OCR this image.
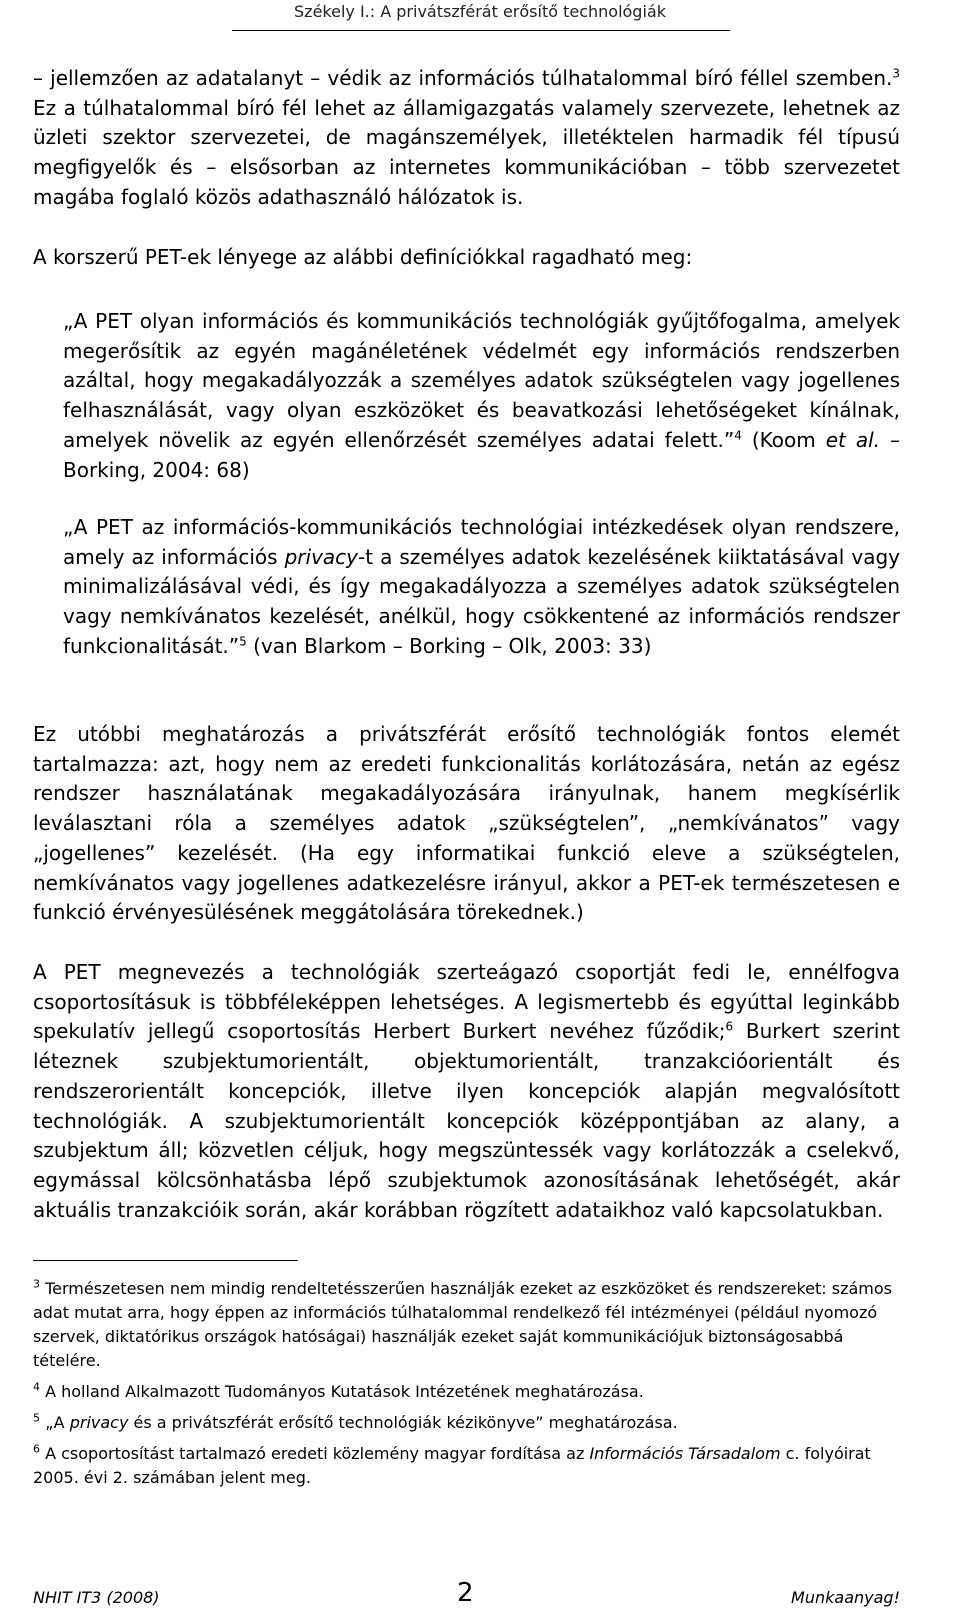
Székely I.: A privátszférát erősítő technológiák

– jellemzően az adatalanyt – védik az információs túlhatalommal bíró féllel szemben.$^3$ Ez a túlhatalommal bíró fél lehet az államigazgatás valamely szervezete, lehetnek az üzleti szektor szervezetei, de magánszemélyek, illetéktelen harmadik fél típusú megfigyelők és – elsősorban az internetes kommunikációban – több szervezetet magába foglaló közös adathasználó hálózatok is.

A korszerű PET-ek lényege az alábbi definíciókkal ragadható meg:

„A PET olyan információs és kommunikációs technológiák gyűjtőfogalma, amelyek megerősítik az egyén magánéletének védelmét egy információs rendszerben azáltal, hogy megakadályozzák a személyes adatok szükségtelen vagy jogellenes felhasználását, vagy olyan eszközöket és beavatkozási lehetőségeket kínálnak, amelyek növelik az egyén ellenőrzését személyes adatai felett.”$^4$ (Koom et al. – Borking, 2004: 68)

„A PET az információs-kommunikációs technológiai intézkedések olyan rendszere, amely az információs privacy-t a személyes adatok kezelésének kiiktatásával vagy minimalizálásával védi, és így megakadályozza a személyes adatok szükségtelen vagy nemkívánatos kezelését, anélkül, hogy csökkentené az információs rendszer funkcionalitását.”$^5$ (van Blarkom – Borking – Olk, 2003: 33)

Ez utóbbi meghatározás a privátszférát erősítő technológiák fontos elemét tartalmazza: azt, hogy nem az eredeti funkcionalitás korlátozására, netán az egész rendszer használatának megakadályozására irányulnak, hanem megkísérlik leválasztani róla a személyes adatok „szükségtelen”, „nemkívánatos” vagy „jogellenes” kezelését. (Ha egy informatikai funkció eleve a szükségtelen, nemkívánatos vagy jogellenes adatkezelésre irányul, akkor a PET-ek természetesen e funkció érvényesülésének meggátolására törekednek.)

A PET megnevezés a technológiák szerteágazó csoportját fedi le, ennélfogva csoportosításuk is többféleképpen lehetséges. A legismertebb és egyúttal leginkább spekulatív jellegű csoportosítás Herbert Burkert nevéhez fűződik;$^6$ Burkert szerint léteznek szubjektumorientált, objektumorientált, tranzakcióorientált és rendszerorientált koncepciók, illetve ilyen koncepciók alapján megvalósított technológiák. A szubjektumorientált koncepciók középpontjában az alany, a szubjektum áll; közvetlen céljuk, hogy megszüntessék vagy korlátozzák a cselekvő, egymással kölcsönhatásba lépő szubjektumok azonosításának lehetőségét, akár aktuális tranzakcióik során, akár korábban rögzített adataikhoz való kapcsolatukban.

$^3$ Természetesen nem mindig rendeltetésszerűen használják ezeket az eszközöket és rendszereket: számos adat mutat arra, hogy éppen az információs túlhatalommal rendelkező fél intézményei (például nyomozó szervek, diktatórikus országok hatóságai) használják ezeket saját kommunikációjuk biztonságosabbá tételére.
$^4$ A holland Alkalmazott Tudományos Kutatások Intézetének meghatározása.
$^5$ „A privacy és a privátszférát erősítő technológiák kézikönyve” meghatározása.
$^6$ A csoportosítást tartalmazó eredeti közlemény magyar fordítása az Információs Társadalom c. folyóirat 2005. évi 2. számában jelent meg.
NHIT IT3 (2008)	2	Munkaanyag!
